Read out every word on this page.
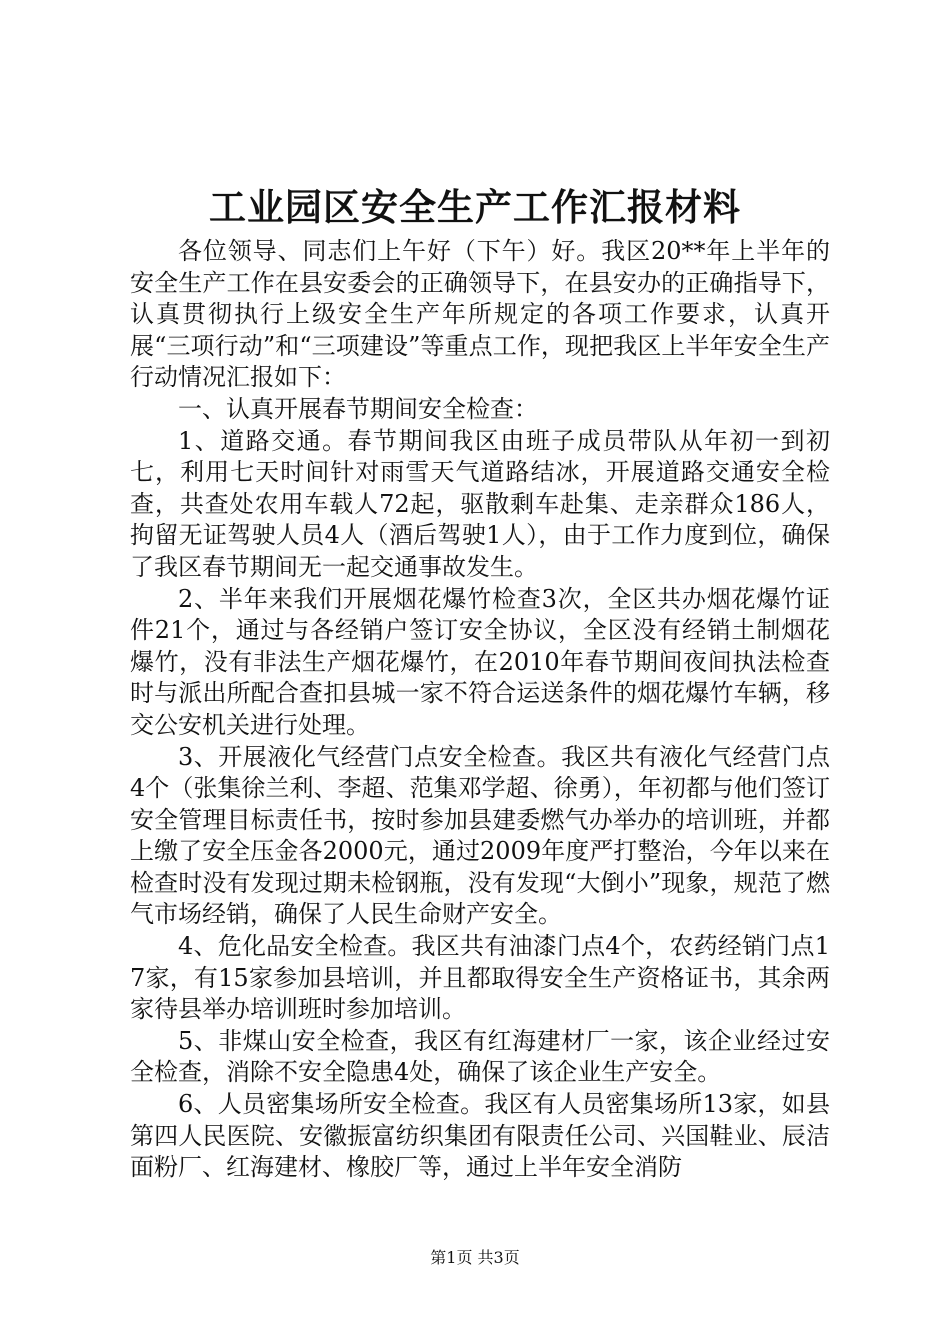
工业园区安全生产工作汇报材料

各位领导、同志们上午好（下午）好。我区20**年上半年的安全生产工作在县安委会的正确领导下，在县安办的正确指导下，认真贯彻执行上级安全生产年所规定的各项工作要求，认真开展“三项行动”和“三项建设”等重点工作，现把我区上半年安全生产行动情况汇报如下：

一、认真开展春节期间安全检查：

1、道路交通。春节期间我区由班子成员带队从年初一到初七，利用七天时间针对雨雪天气道路结冰，开展道路交通安全检查，共查处农用车载人72起，驱散剩车赴集、走亲群众186人，拘留无证驾驶人员4人（酒后驾驶1人），由于工作力度到位，确保了我区春节期间无一起交通事故发生。

2、半年来我们开展烟花爆竹检查3次，全区共办烟花爆竹证件21个，通过与各经销户签订安全协议，全区没有经销土制烟花爆竹，没有非法生产烟花爆竹，在2010年春节期间夜间执法检查时与派出所配合查扣县城一家不符合运送条件的烟花爆竹车辆，移交公安机关进行处理。

3、开展液化气经营门点安全检查。我区共有液化气经营门点4个（张集徐兰利、李超、范集邓学超、徐勇），年初都与他们签订安全管理目标责任书，按时参加县建委燃气办举办的培训班，并都上缴了安全压金各2000元，通过2009年度严打整治，今年以来在检查时没有发现过期未检钢瓶，没有发现“大倒小”现象，规范了燃气市场经销，确保了人民生命财产安全。

4、危化品安全检查。我区共有油漆门点4个，农药经销门点17家，有15家参加县培训，并且都取得安全生产资格证书，其余两家待县举办培训班时参加培训。

5、非煤山安全检查，我区有红海建材厂一家，该企业经过安全检查，消除不安全隐患4处，确保了该企业生产安全。

6、人员密集场所安全检查。我区有人员密集场所13家，如县第四人民医院、安徽振富纺织集团有限责任公司、兴国鞋业、辰洁面粉厂、红海建材、橡胶厂等，通过上半年安全消防

第1页 共3页
